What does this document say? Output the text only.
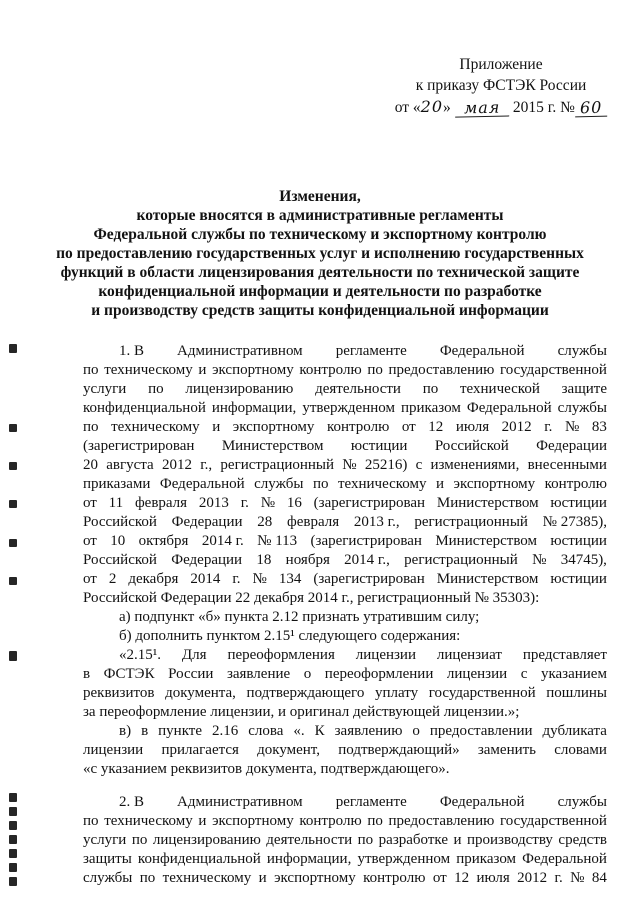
Приложение
к приказу ФСТЭК России
от «20» мая 2015 г. № 60
Изменения,
которые вносятся в административные регламенты
Федеральной службы по техническому и экспортному контролю
по предоставлению государственных услуг и исполнению государственных
функций в области лицензирования деятельности по технической защите
конфиденциальной информации и деятельности по разработке
и производству средств защиты конфиденциальной информации
1. В Административном регламенте Федеральной службы
по техническому и экспортному контролю по предоставлению государственной
услуги по лицензированию деятельности по технической защите
конфиденциальной информации, утвержденном приказом Федеральной службы
по техническому и экспортному контролю от 12 июля 2012 г. № 83
(зарегистрирован Министерством юстиции Российской Федерации
20 августа 2012 г., регистрационный № 25216) с изменениями, внесенными
приказами Федеральной службы по техническому и экспортному контролю
от 11 февраля 2013 г. № 16 (зарегистрирован Министерством юстиции
Российской Федерации 28 февраля 2013 г., регистрационный № 27385),
от 10 октября 2014 г. № 113 (зарегистрирован Министерством юстиции
Российской Федерации 18 ноября 2014 г., регистрационный № 34745),
от 2 декабря 2014 г. № 134 (зарегистрирован Министерством юстиции
Российской Федерации 22 декабря 2014 г., регистрационный № 35303):
а) подпункт «б» пункта 2.12 признать утратившим силу;
б) дополнить пунктом 2.15¹ следующего содержания:
«2.15¹. Для переоформления лицензии лицензиат представляет
в ФСТЭК России заявление о переоформлении лицензии с указанием
реквизитов документа, подтверждающего уплату государственной пошлины
за переоформление лицензии, и оригинал действующей лицензии.»;
в) в пункте 2.16 слова «. К заявлению о предоставлении дубликата
лицензии прилагается документ, подтверждающий» заменить словами
«с указанием реквизитов документа, подтверждающего».
2. В Административном регламенте Федеральной службы
по техническому и экспортному контролю по предоставлению государственной
услуги по лицензированию деятельности по разработке и производству средств
защиты конфиденциальной информации, утвержденном приказом Федеральной
службы по техническому и экспортному контролю от 12 июля 2012 г. № 84
